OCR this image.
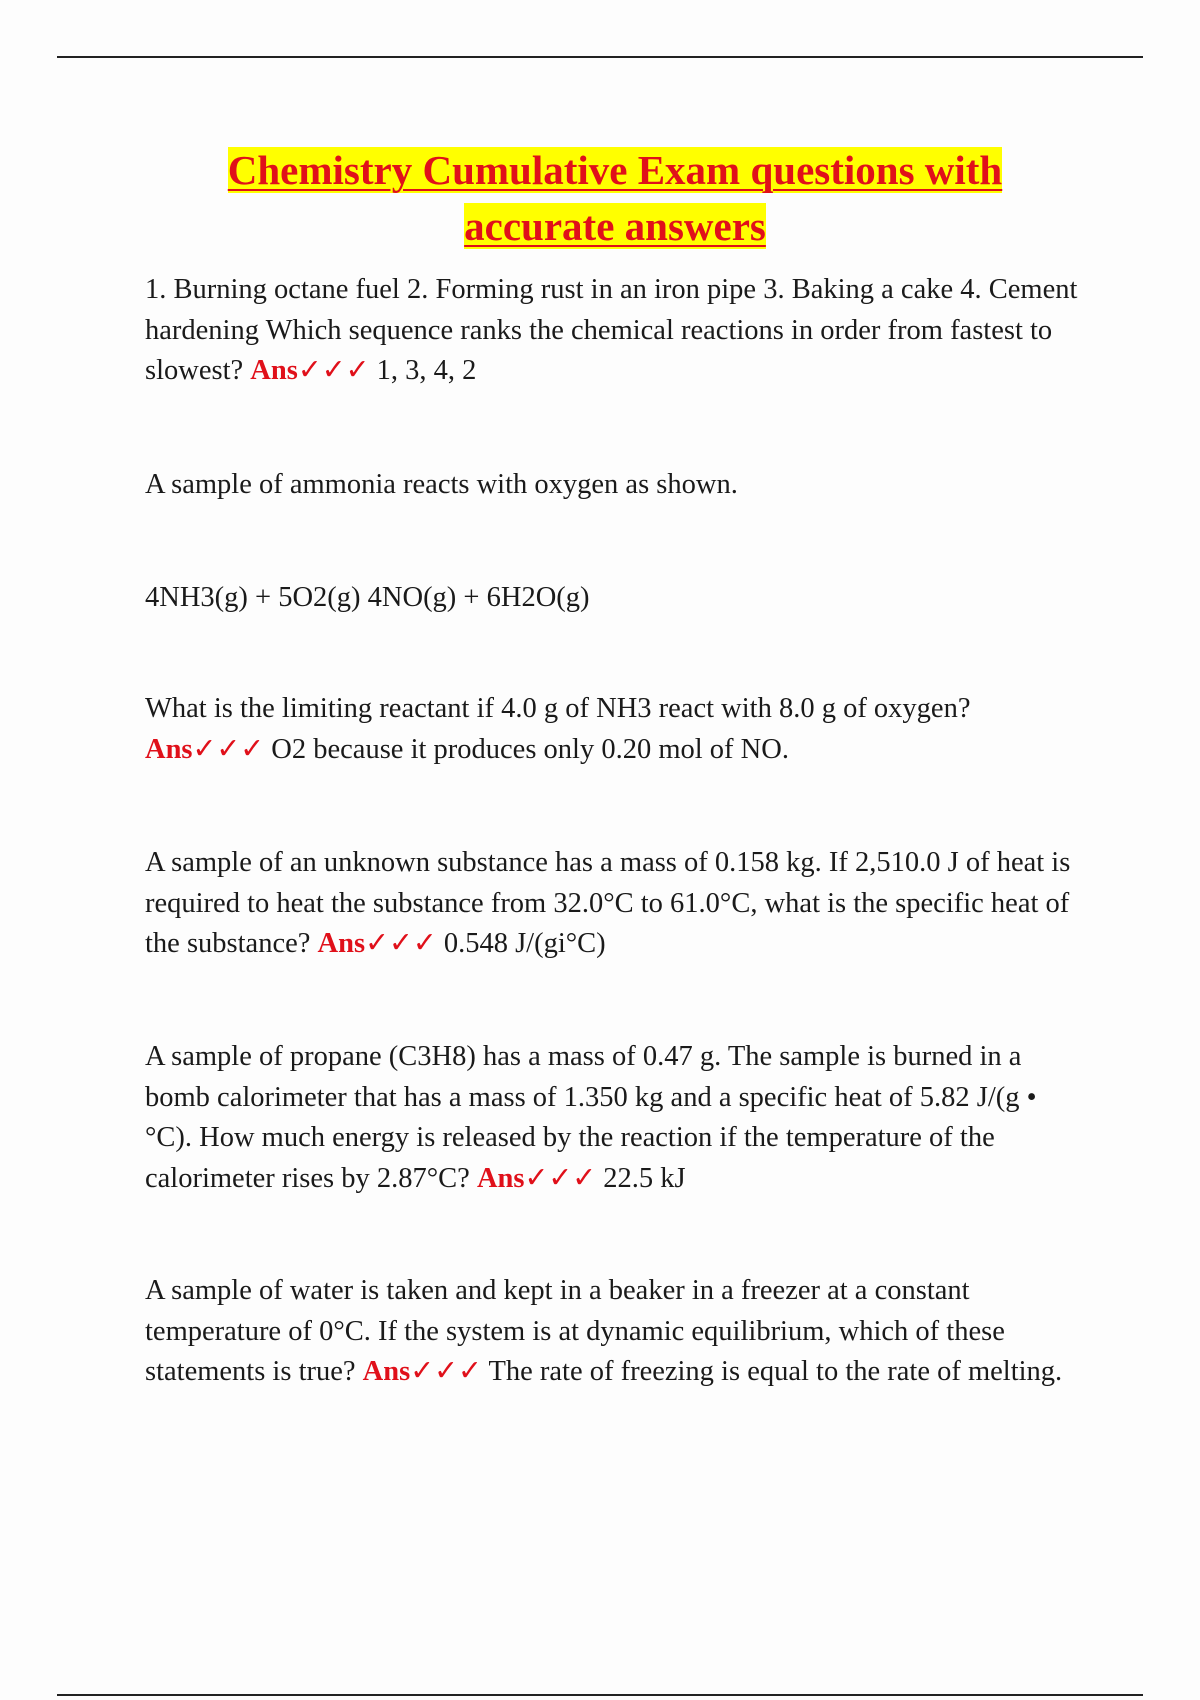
Chemistry Cumulative Exam questions with
accurate answers

1. Burning octane fuel 2. Forming rust in an iron pipe 3. Baking a cake 4. Cement hardening Which sequence ranks the chemical reactions in order from fastest to slowest? Ans✓✓✓ 1, 3, 4, 2

A sample of ammonia reacts with oxygen as shown.

4NH3(g) + 5O2(g) 4NO(g) + 6H2O(g)

What is the limiting reactant if 4.0 g of NH3 react with 8.0 g of oxygen? Ans✓✓✓ O2 because it produces only 0.20 mol of NO.

A sample of an unknown substance has a mass of 0.158 kg. If 2,510.0 J of heat is required to heat the substance from 32.0°C to 61.0°C, what is the specific heat of the substance? Ans✓✓✓ 0.548 J/(gi°C)

A sample of propane (C3H8) has a mass of 0.47 g. The sample is burned in a bomb calorimeter that has a mass of 1.350 kg and a specific heat of 5.82 J/(g • °C). How much energy is released by the reaction if the temperature of the calorimeter rises by 2.87°C? Ans✓✓✓ 22.5 kJ

A sample of water is taken and kept in a beaker in a freezer at a constant temperature of 0°C. If the system is at dynamic equilibrium, which of these statements is true? Ans✓✓✓ The rate of freezing is equal to the rate of melting.
